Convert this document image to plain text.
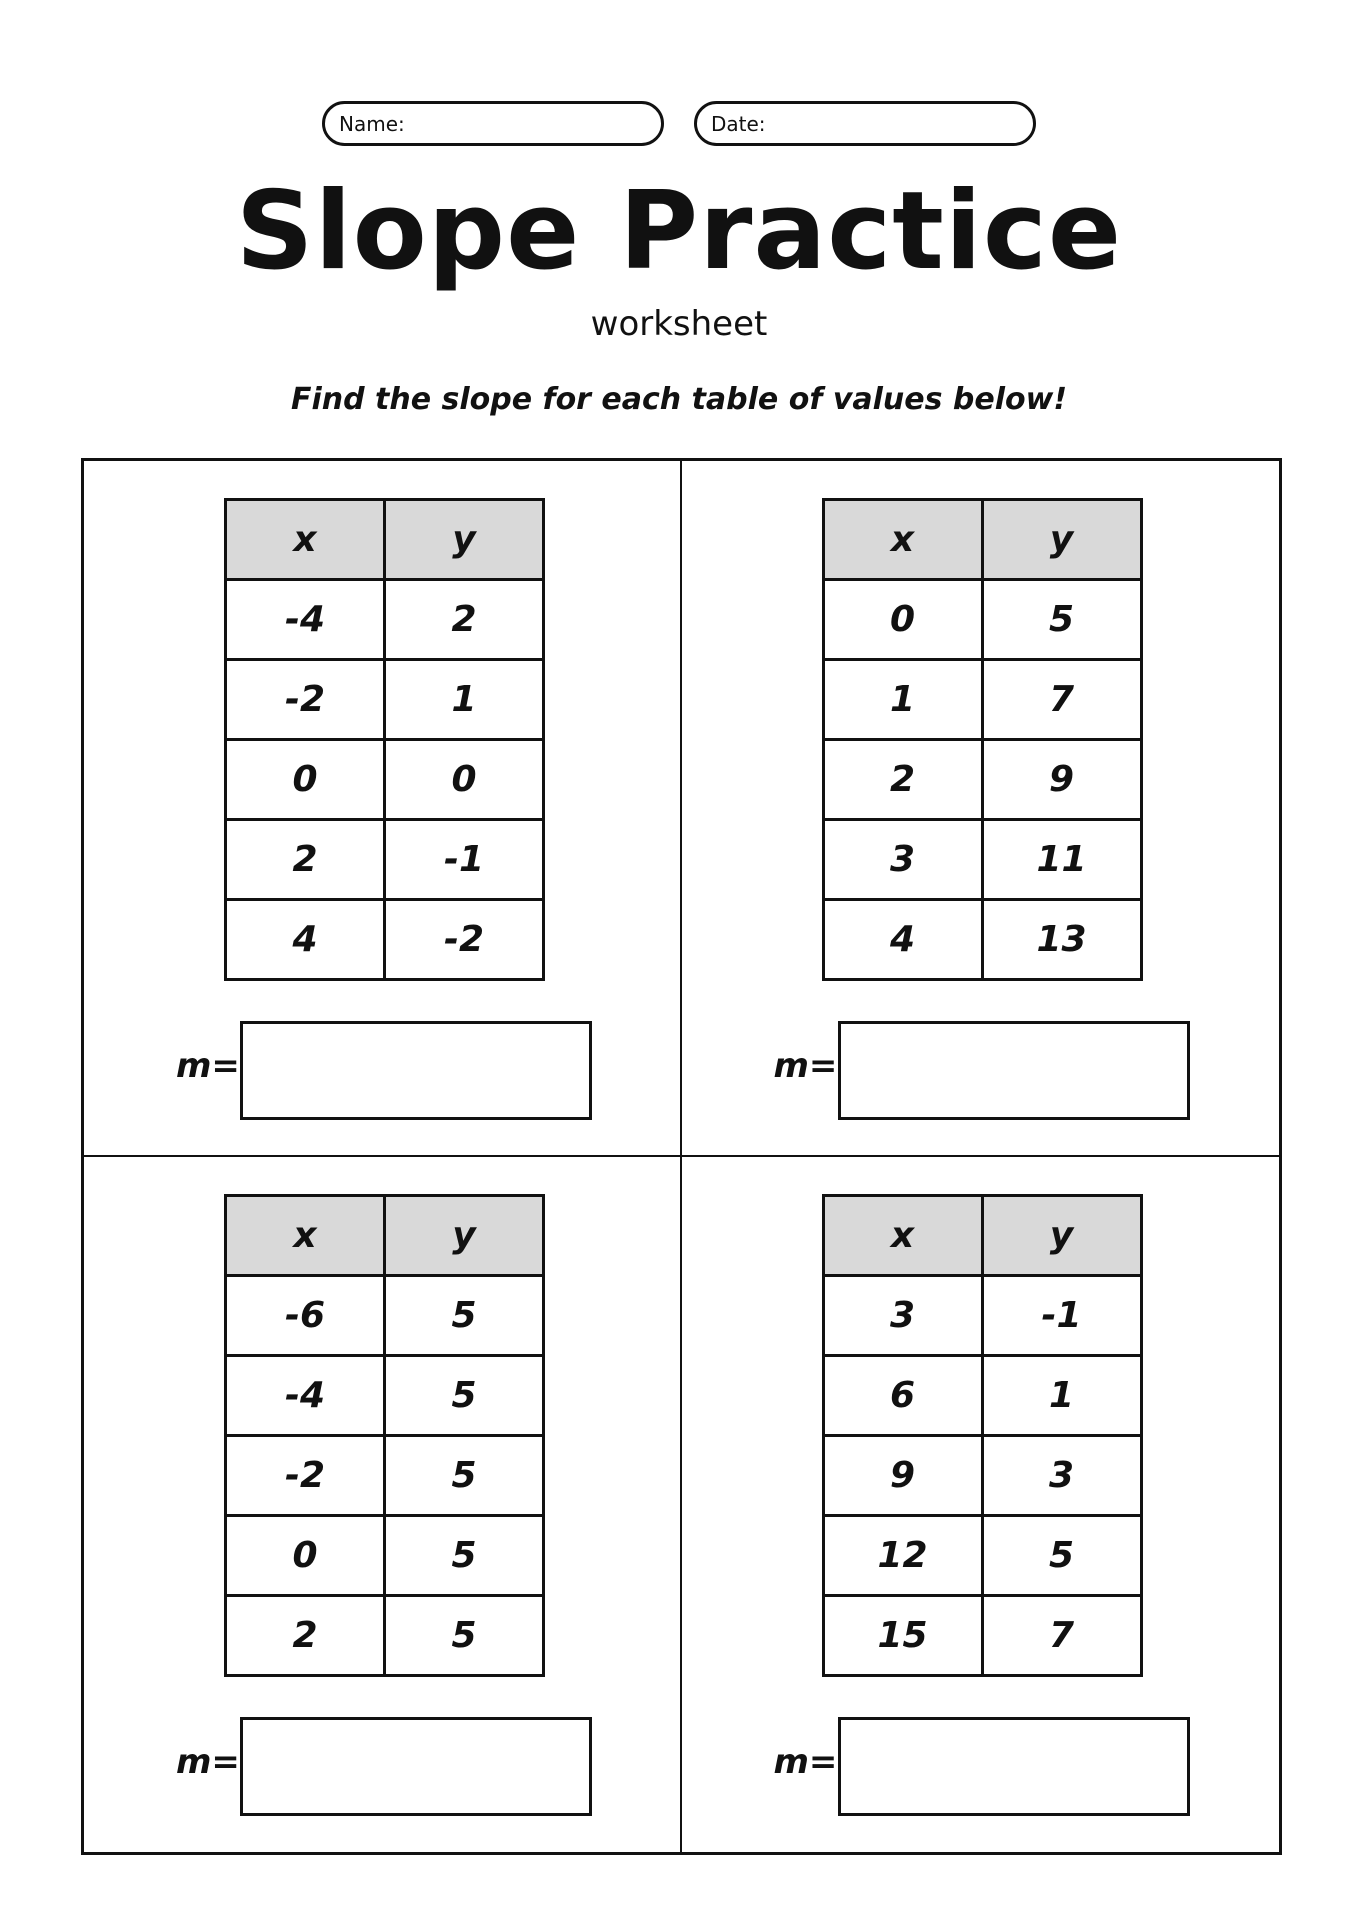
Name:	Date:
Slope Practice
worksheet
Find the slope for each table of values below!
x	y
-4	2
-2	1
0	0
2	-1
4	-2
m=
x	y
0	5
1	7
2	9
3	11
4	13
m=
x	y
-6	5
-4	5
-2	5
0	5
2	5
m=
x	y
3	-1
6	1
9	3
12	5
15	7
m=
